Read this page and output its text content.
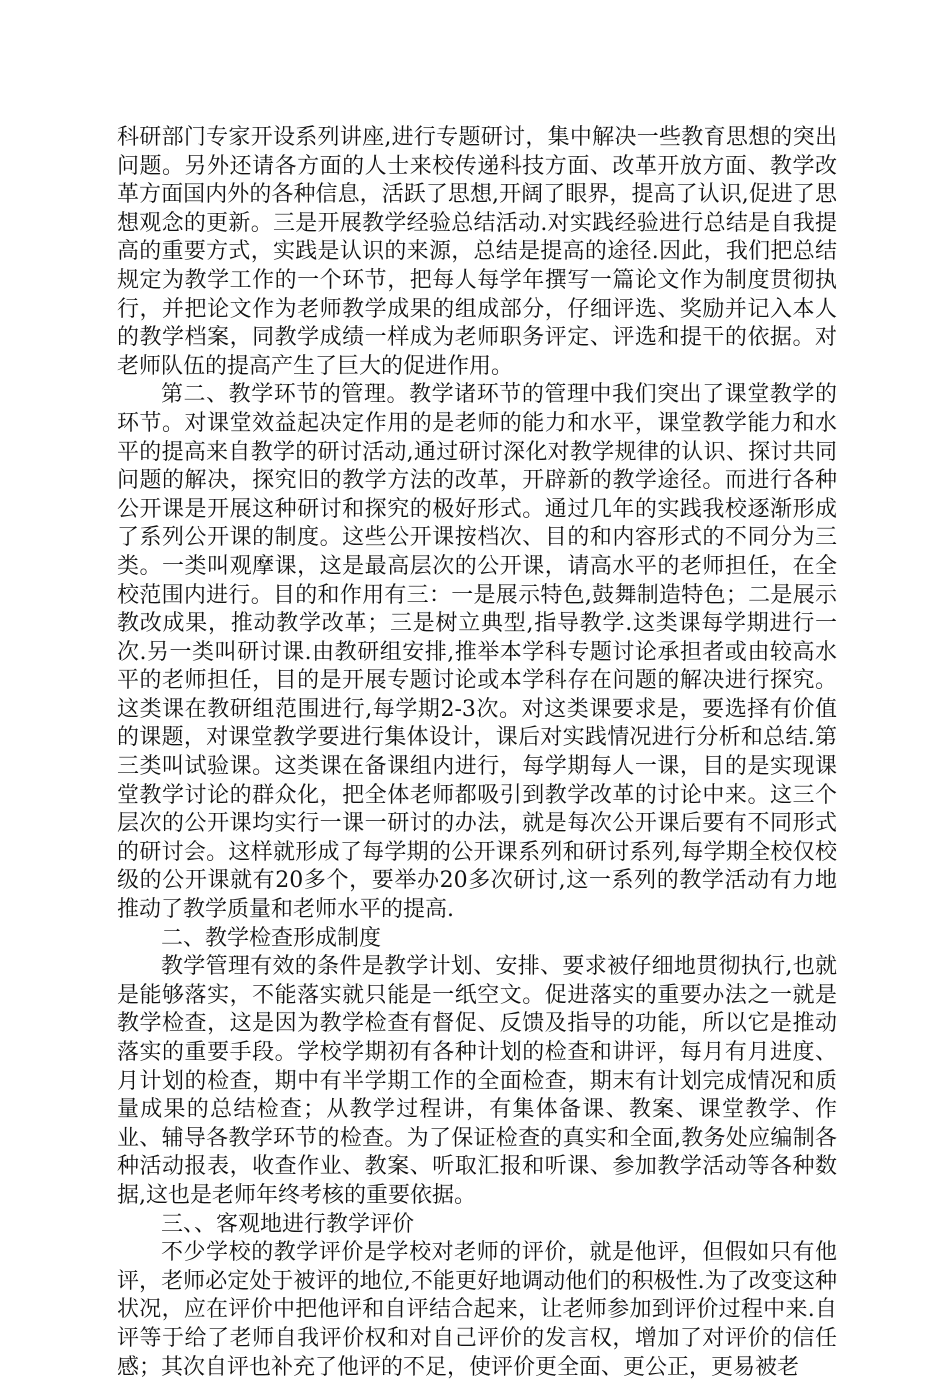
科研部门专家开设系列讲座,进行专题研讨，集中解决一些教育思想的突出问题。另外还请各方面的人士来校传递科技方面、改革开放方面、教学改革方面国内外的各种信息，活跃了思想,开阔了眼界，提高了认识,促进了思想观念的更新。三是开展教学经验总结活动.对实践经验进行总结是自我提高的重要方式，实践是认识的来源，总结是提高的途径.因此，我们把总结规定为教学工作的一个环节，把每人每学年撰写一篇论文作为制度贯彻执行，并把论文作为老师教学成果的组成部分，仔细评选、奖励并记入本人的教学档案，同教学成绩一样成为老师职务评定、评选和提干的依据。对老师队伍的提高产生了巨大的促进作用。

第二、教学环节的管理。教学诸环节的管理中我们突出了课堂教学的环节。对课堂效益起决定作用的是老师的能力和水平，课堂教学能力和水平的提高来自教学的研讨活动,通过研讨深化对教学规律的认识、探讨共同问题的解决，探究旧的教学方法的改革，开辟新的教学途径。而进行各种公开课是开展这种研讨和探究的极好形式。通过几年的实践我校逐渐形成了系列公开课的制度。这些公开课按档次、目的和内容形式的不同分为三类。一类叫观摩课，这是最高层次的公开课，请高水平的老师担任，在全校范围内进行。目的和作用有三：一是展示特色,鼓舞制造特色；二是展示教改成果，推动教学改革；三是树立典型,指导教学.这类课每学期进行一次.另一类叫研讨课.由教研组安排,推举本学科专题讨论承担者或由较高水平的老师担任，目的是开展专题讨论或本学科存在问题的解决进行探究。这类课在教研组范围进行,每学期2-3次。对这类课要求是，要选择有价值的课题，对课堂教学要进行集体设计，课后对实践情况进行分析和总结.第三类叫试验课。这类课在备课组内进行，每学期每人一课，目的是实现课堂教学讨论的群众化，把全体老师都吸引到教学改革的讨论中来。这三个层次的公开课均实行一课一研讨的办法，就是每次公开课后要有不同形式的研讨会。这样就形成了每学期的公开课系列和研讨系列,每学期全校仅校级的公开课就有20多个，要举办20多次研讨,这一系列的教学活动有力地推动了教学质量和老师水平的提高.

二、教学检查形成制度

教学管理有效的条件是教学计划、安排、要求被仔细地贯彻执行,也就是能够落实，不能落实就只能是一纸空文。促进落实的重要办法之一就是教学检查，这是因为教学检查有督促、反馈及指导的功能，所以它是推动落实的重要手段。学校学期初有各种计划的检查和讲评，每月有月进度、月计划的检查，期中有半学期工作的全面检查，期末有计划完成情况和质量成果的总结检查；从教学过程讲，有集体备课、教案、课堂教学、作业、辅导各教学环节的检查。为了保证检查的真实和全面,教务处应编制各种活动报表，收查作业、教案、听取汇报和听课、参加教学活动等各种数据,这也是老师年终考核的重要依据。

三、、客观地进行教学评价

不少学校的教学评价是学校对老师的评价，就是他评，但假如只有他评，老师必定处于被评的地位,不能更好地调动他们的积极性.为了改变这种状况，应在评价中把他评和自评结合起来，让老师参加到评价过程中来.自评等于给了老师自我评价权和对自己评价的发言权，增加了对评价的信任感；其次自评也补充了他评的不足，使评价更全面、更公正，更易被老
